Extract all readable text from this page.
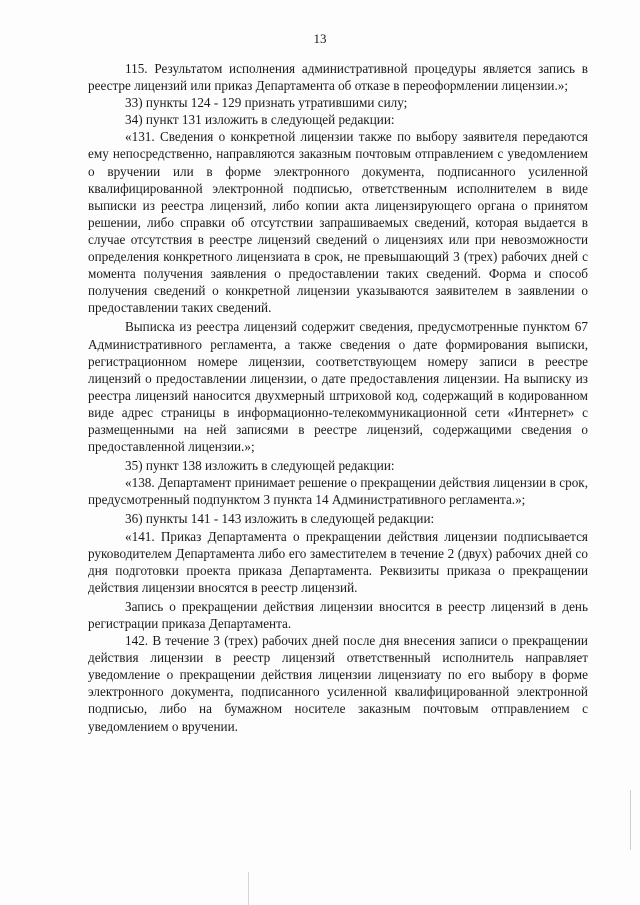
13

115. Результатом исполнения административной процедуры является запись в реестре лицензий или приказ Департамента об отказе в переоформлении лицензии.»;

33) пункты 124 - 129 признать утратившими силу;

34) пункт 131 изложить в следующей редакции:

«131. Сведения о конкретной лицензии также по выбору заявителя передаются ему непосредственно, направляются заказным почтовым отправлением с уведомлением о вручении или в форме электронного документа, подписанного усиленной квалифицированной электронной подписью, ответственным исполнителем в виде выписки из реестра лицензий, либо копии акта лицензирующего органа о принятом решении, либо справки об отсутствии запрашиваемых сведений, которая выдается в случае отсутствия в реестре лицензий сведений о лицензиях или при невозможности определения конкретного лицензиата в срок, не превышающий 3 (трех) рабочих дней с момента получения заявления о предоставлении таких сведений. Форма и способ получения сведений о конкретной лицензии указываются заявителем в заявлении о предоставлении таких сведений.

Выписка из реестра лицензий содержит сведения, предусмотренные пунктом 67 Административного регламента, а также сведения о дате формирования выписки, регистрационном номере лицензии, соответствующем номеру записи в реестре лицензий о предоставлении лицензии, о дате предоставления лицензии. На выписку из реестра лицензий наносится двухмерный штриховой код, содержащий в кодированном виде адрес страницы в информационно-телекоммуникационной сети «Интернет» с размещенными на ней записями в реестре лицензий, содержащими сведения о предоставленной лицензии.»;

35) пункт 138 изложить в следующей редакции:

«138. Департамент принимает решение о прекращении действия лицензии в срок, предусмотренный подпунктом 3 пункта 14 Административного регламента.»;

36) пункты 141 - 143 изложить в следующей редакции:

«141. Приказ Департамента о прекращении действия лицензии подписывается руководителем Департамента либо его заместителем в течение 2 (двух) рабочих дней со дня подготовки проекта приказа Департамента. Реквизиты приказа о прекращении действия лицензии вносятся в реестр лицензий.

Запись о прекращении действия лицензии вносится в реестр лицензий в день регистрации приказа Департамента.

142. В течение 3 (трех) рабочих дней после дня внесения записи о прекращении действия лицензии в реестр лицензий ответственный исполнитель направляет уведомление о прекращении действия лицензии лицензиату по его выбору в форме электронного документа, подписанного усиленной квалифицированной электронной подписью, либо на бумажном носителе заказным почтовым отправлением с уведомлением о вручении.
